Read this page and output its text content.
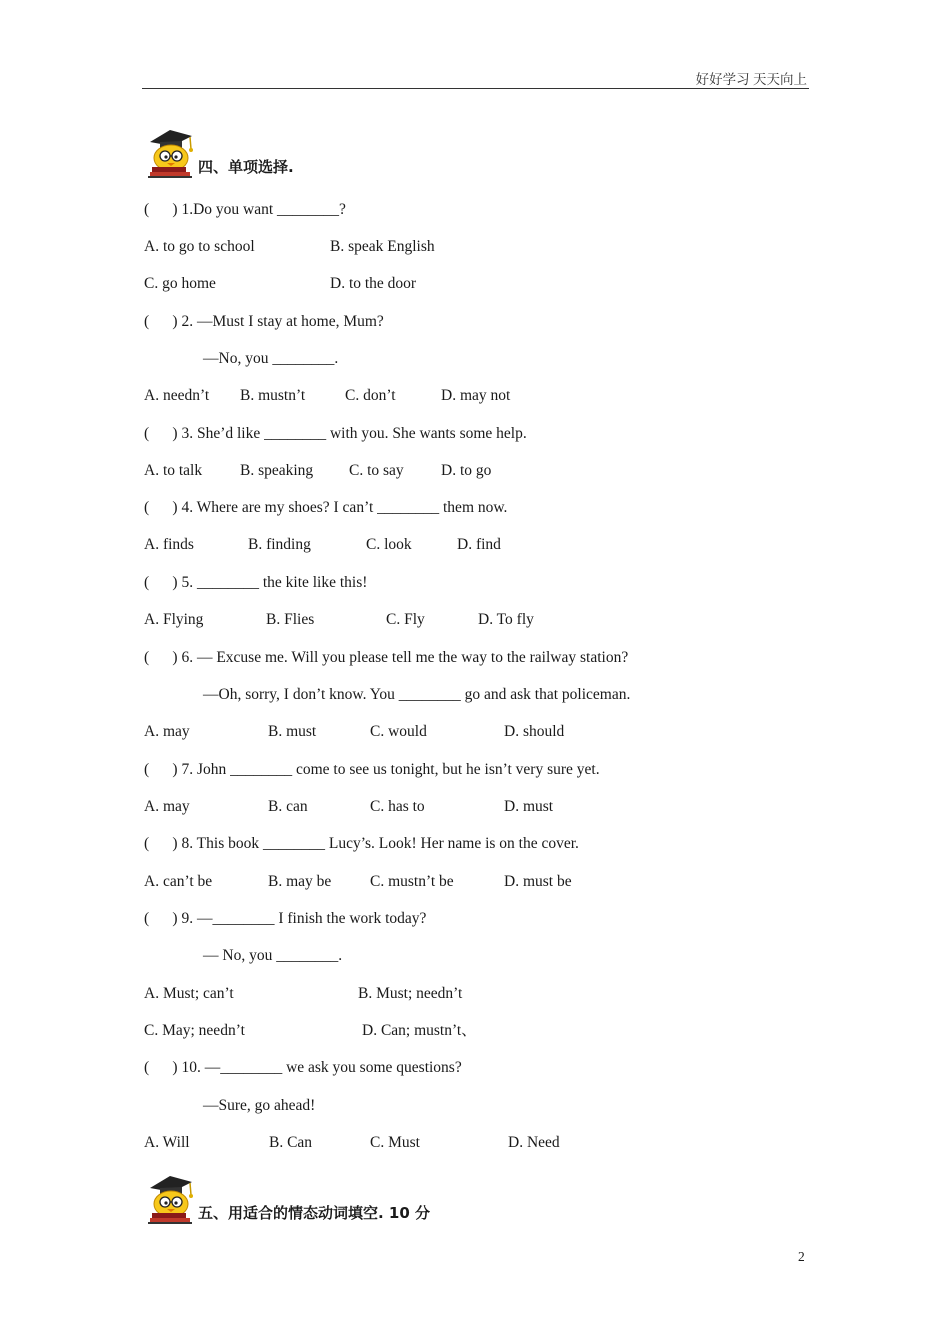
好好学习 天天向上
四、单项选择.
(      ) 1.Do you want ________?
A. to go to school	B. speak English
C. go home	D. to the door
(      ) 2. —Must I stay at home, Mum?
—No, you ________.
A. needn’t B. mustn’t	C. don’t	D. may not
(      ) 3. She’d like ________ with you. She wants some help.
A. to talk B. speaking C. to say D. to go
(      ) 4. Where are my shoes? I can’t ________ them now.
A. finds	B. finding	C. look	D. find
(      ) 5. ________ the kite like this!
A. Flying	B. Flies	C. Fly	D. To fly
(      ) 6. — Excuse me. Will you please tell me the way to the railway station?
—Oh, sorry, I don’t know. You ________ go and ask that policeman.
A. may	B. must	C. would	D. should
(      ) 7. John ________ come to see us tonight, but he isn’t very sure yet.
A. may	B. can	C. has to	D. must
(      ) 8. This book ________ Lucy’s. Look! Her name is on the cover.
A. can’t be	B. may be C. mustn’t be	D. must be
(      ) 9. —________ I finish the work today?
— No, you ________.
A. Must; can’t	B. Must; needn’t
C. May; needn’t	D. Can; mustn’t、
(      ) 10. —________ we ask you some questions?
—Sure, go ahead!
A. Will	B. Can	C. Must	D. Need
五、用适合的情态动词填空. 10 分
2
